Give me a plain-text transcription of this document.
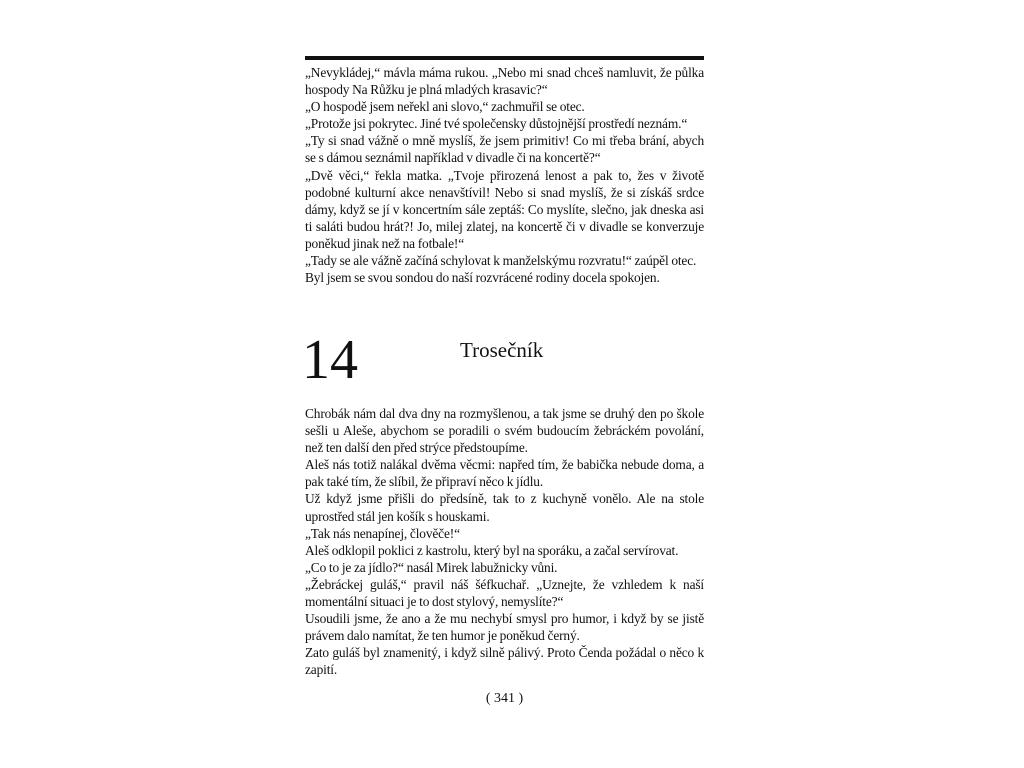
„Nevykládej,“ mávla máma rukou. „Nebo mi snad chceš namluvit, že půlka hospody Na Růžku je plná mladých krasavic?“

„O hospodě jsem neřekl ani slovo,“ zachmuřil se otec.

„Protože jsi pokrytec. Jiné tvé společensky důstojnější prostředí neznám.“

„Ty si snad vážně o mně myslíš, že jsem primitiv! Co mi třeba brání, abych se s dámou seznámil například v divadle či na koncertě?“

„Dvě věci,“ řekla matka. „Tvoje přirozená lenost a pak to, žes v životě podobné kulturní akce nenavštívil! Nebo si snad myslíš, že si získáš srdce dámy, když se jí v koncertním sále zeptáš: Co myslíte, slečno, jak dneska asi ti saláti budou hrát?! Jo, milej zlatej, na koncertě či v divadle se konverzuje poněkud jinak než na fotbale!“

„Tady se ale vážně začíná schylovat k manželskýmu rozvratu!“ zaúpěl otec.

Byl jsem se svou sondou do naší rozvrácené rodiny docela spokojen.

14	Trosečník

Chrobák nám dal dva dny na rozmyšlenou, a tak jsme se druhý den po škole sešli u Aleše, abychom se poradili o svém budoucím žebráckém povolání, než ten další den před strýce předstoupíme.

Aleš nás totiž nalákal dvěma věcmi: napřed tím, že babička nebude doma, a pak také tím, že slíbil, že připraví něco k jídlu.

Už když jsme přišli do předsíně, tak to z kuchyně vonělo. Ale na stole uprostřed stál jen košík s houskami.

„Tak nás nenapínej, člověče!“

Aleš odklopil poklici z kastrolu, který byl na sporáku, a začal servírovat.

„Co to je za jídlo?“ nasál Mirek labužnicky vůni.

„Žebráckej guláš,“ pravil náš šéfkuchař. „Uznejte, že vzhledem k naší momentální situaci je to dost stylový, nemyslíte?“

Usoudili jsme, že ano a že mu nechybí smysl pro humor, i když by se jistě právem dalo namítat, že ten humor je poněkud černý.

Zato guláš byl znamenitý, i když silně pálivý. Proto Čenda požádal o něco k zapití.

( 341 )
